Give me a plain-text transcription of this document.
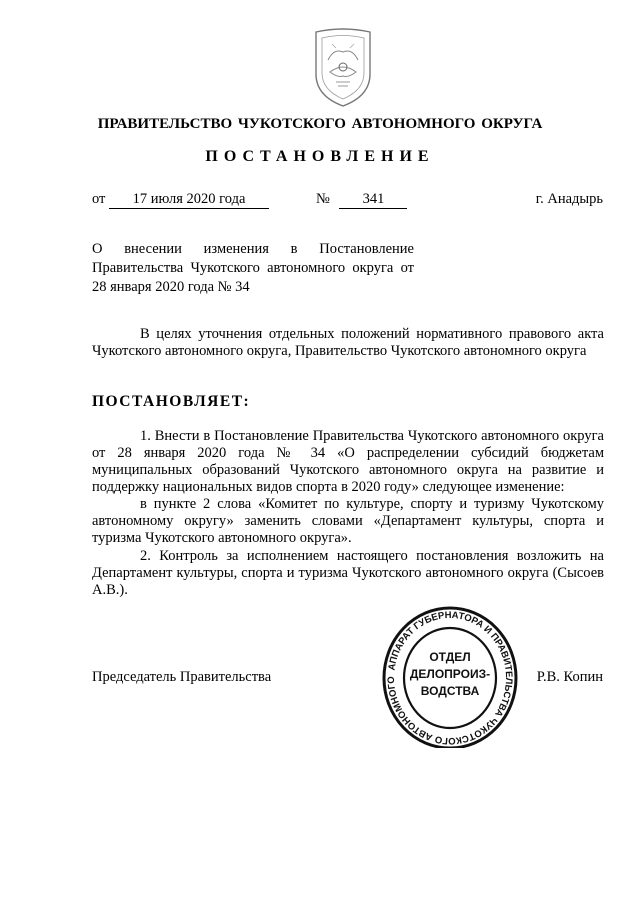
ПРАВИТЕЛЬСТВО ЧУКОТСКОГО АВТОНОМНОГО ОКРУГА
ПОСТАНОВЛЕНИЕ
от 17 июля 2020 года	№ 341	г. Анадырь
О внесении изменения в Постановление Правительства Чукотского автономного округа от 28 января 2020 года № 34
В целях уточнения отдельных положений нормативного правового акта Чукотского автономного округа, Правительство Чукотского автономного округа
ПОСТАНОВЛЯЕТ:
1. Внести в Постановление Правительства Чукотского автономного округа от 28 января 2020 года № 34 «О распределении субсидий бюджетам муниципальных образований Чукотского автономного округа на развитие и поддержку национальных видов спорта в 2020 году» следующее изменение:
в пункте 2 слова «Комитет по культуре, спорту и туризму Чукотскому автономному округу» заменить словами «Департамент культуры, спорта и туризма Чукотского автономного округа».
2. Контроль за исполнением настоящего постановления возложить на Департамент культуры, спорта и туризма Чукотского автономного округа (Сысоев А.В.).
Председатель Правительства	Р.В. Копин
АППАРАТ ГУБЕРНАТОРА И ПРАВИТЕЛЬСТВА ЧУКОТСКОГО АВТОНОМНОГО
ОТДЕЛ
ДЕЛОПРОИЗ-
ВОДСТВА
